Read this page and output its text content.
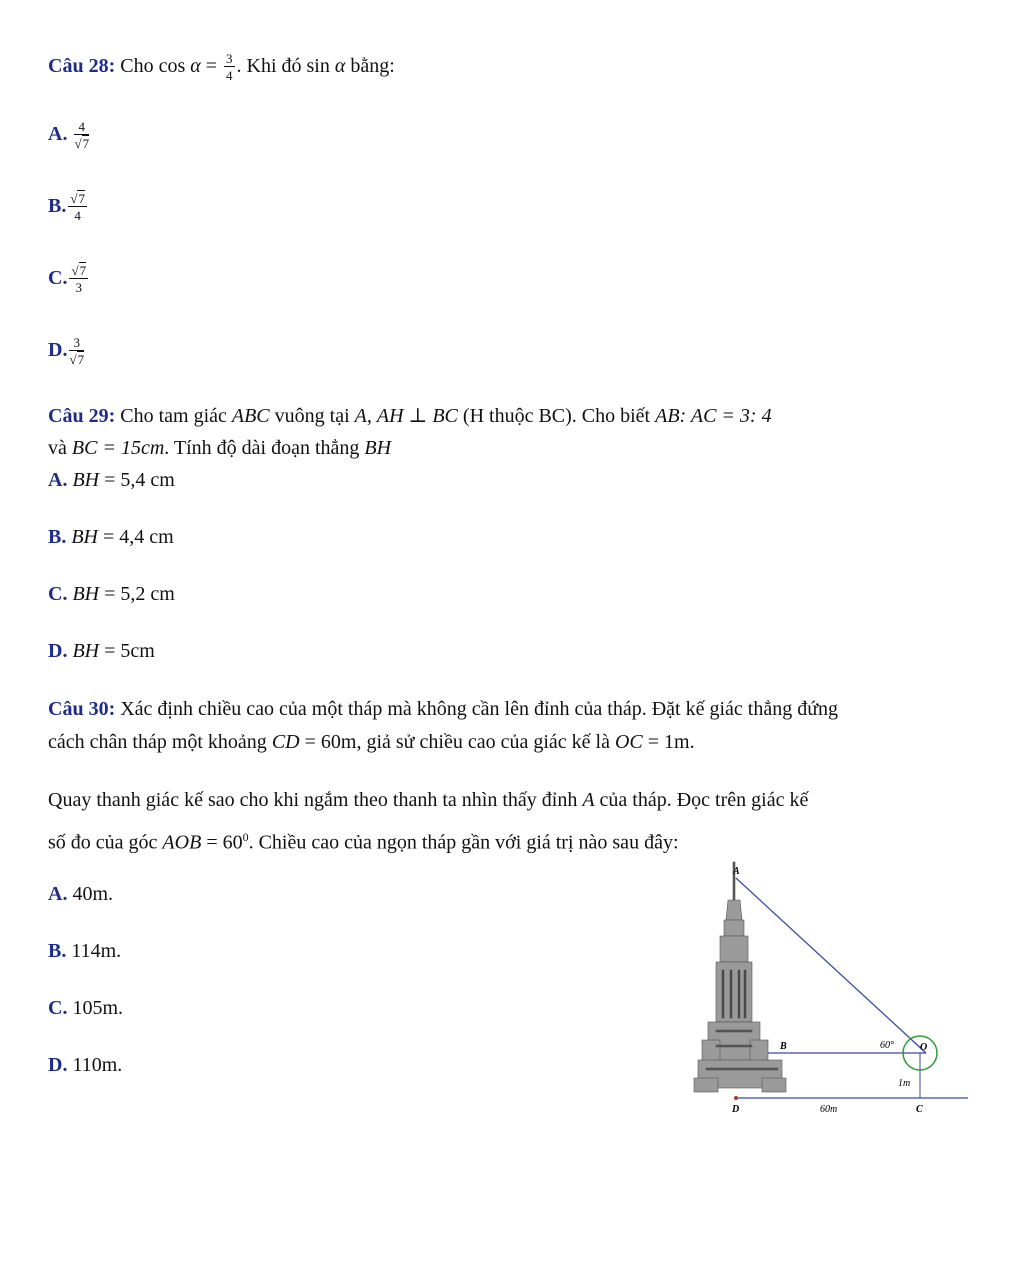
Câu 28: Cho $\cos \alpha = \frac{3}{4}$ . Khi đó sin α bằng:
A. $\frac{4}{√7}$
B. $\frac{√7}{4}$
C. $\frac{√7}{3}$
D. $\frac{3}{√7}$
Câu 29: Cho tam giác ABC vuông tại A, AH ⊥ BC (H thuộc BC). Cho biết AB: AC = 3: 4
và BC = 15cm. Tính độ dài đoạn thẳng BH
A. BH = 5,4 cm
B. BH = 4,4 cm
C. BH = 5,2 cm
D. BH = 5cm
Câu 30: Xác định chiều cao của một tháp mà không cần lên đỉnh của tháp. Đặt kế giác thẳng đứng
cách chân tháp một khoảng CD = 60m, giả sử chiều cao của giác kế là OC = 1m.
Quay thanh giác kế sao cho khi ngắm theo thanh ta nhìn thấy đỉnh A của tháp. Đọc trên giác kế
số đo của góc AOB = $60^0$. Chiều cao của ngọn tháp gần với giá trị nào sau đây:
A. 40m.
B. 114m.
C. 105m.
D. 110m.
A
B	60°	O
1m
D	60m	C
